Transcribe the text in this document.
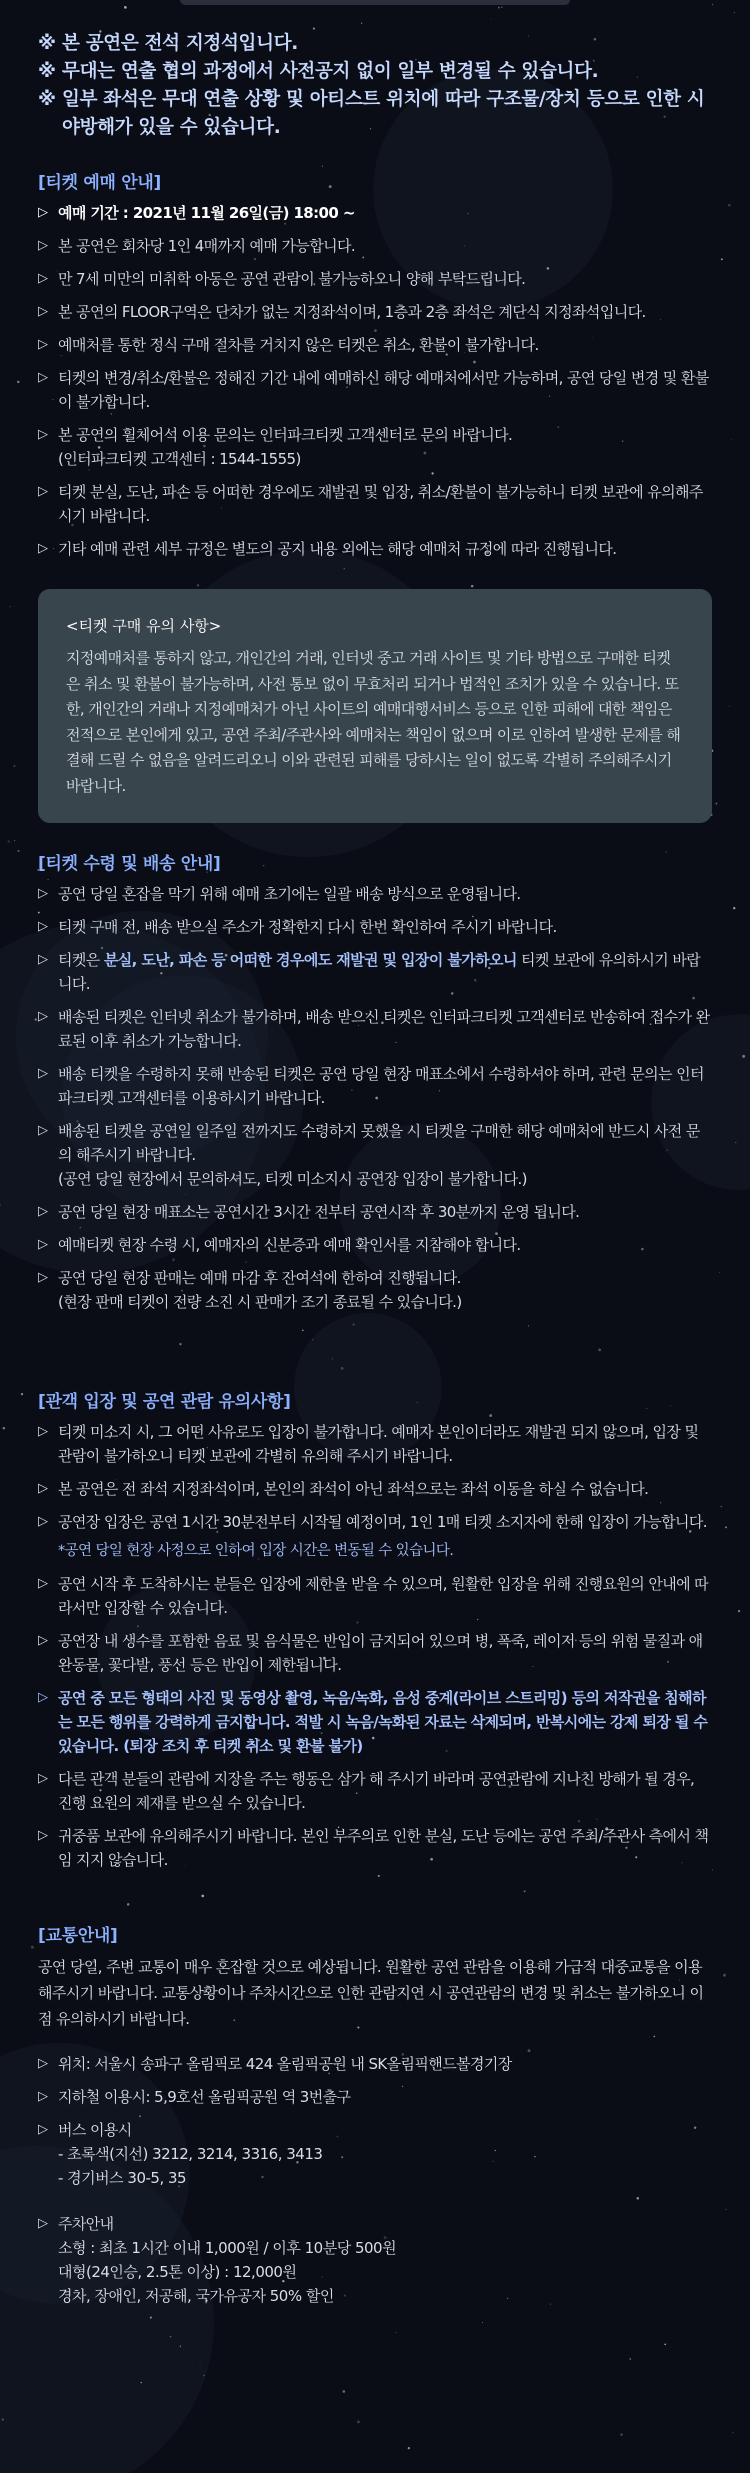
※ 본 공연은 전석 지정석입니다.
※ 무대는 연출 협의 과정에서 사전공지 없이 일부 변경될 수 있습니다.
※ 일부 좌석은 무대 연출 상황 및 아티스트 위치에 따라 구조물/장치 등으로 인한 시야방해가 있을 수 있습니다.
[티켓 예매 안내]
▷ 예매 기간 : 2021년 11월 26일(금) 18:00 ~
▷ 본 공연은 회차당 1인 4매까지 예매 가능합니다.
▷ 만 7세 미만의 미취학 아동은 공연 관람이 불가능하오니 양해 부탁드립니다.
▷ 본 공연의 FLOOR구역은 단차가 없는 지정좌석이며, 1층과 2층 좌석은 계단식 지정좌석입니다.
▷ 예매처를 통한 정식 구매 절차를 거치지 않은 티켓은 취소, 환불이 불가합니다.
▷ 티켓의 변경/취소/환불은 정해진 기간 내에 예매하신 해당 예매처에서만 가능하며, 공연 당일 변경 및 환불이 불가합니다.
▷ 본 공연의 휠체어석 이용 문의는 인터파크티켓 고객센터로 문의 바랍니다.
(인터파크티켓 고객센터 : 1544-1555)
▷ 티켓 분실, 도난, 파손 등 어떠한 경우에도 재발권 및 입장, 취소/환불이 불가능하니 티켓 보관에 유의해주시기 바랍니다.
▷ 기타 예매 관련 세부 규정은 별도의 공지 내용 외에는 해당 예매처 규정에 따라 진행됩니다.
<티켓 구매 유의 사항>
지정예매처를 통하지 않고, 개인간의 거래, 인터넷 중고 거래 사이트 및 기타 방법으로 구매한 티켓은 취소 및 환불이 불가능하며, 사전 통보 없이 무효처리 되거나 법적인 조치가 있을 수 있습니다. 또한, 개인간의 거래나 지정예매처가 아닌 사이트의 예매대행서비스 등으로 인한 피해에 대한 책임은 전적으로 본인에게 있고, 공연 주최/주관사와 예매처는 책임이 없으며 이로 인하여 발생한 문제를 해결해 드릴 수 없음을 알려드리오니 이와 관련된 피해를 당하시는 일이 없도록 각별히 주의해주시기 바랍니다.
[티켓 수령 및 배송 안내]
▷ 공연 당일 혼잡을 막기 위해 예매 초기에는 일괄 배송 방식으로 운영됩니다.
▷ 티켓 구매 전, 배송 받으실 주소가 정확한지 다시 한번 확인하여 주시기 바랍니다.
▷ 티켓은 분실, 도난, 파손 등 어떠한 경우에도 재발권 및 입장이 불가하오니 티켓 보관에 유의하시기 바랍니다.
▷ 배송된 티켓은 인터넷 취소가 불가하며, 배송 받으신 티켓은 인터파크티켓 고객센터로 반송하여 접수가 완료된 이후 취소가 가능합니다.
▷ 배송 티켓을 수령하지 못해 반송된 티켓은 공연 당일 현장 매표소에서 수령하셔야 하며, 관련 문의는 인터파크티켓 고객센터를 이용하시기 바랍니다.
▷ 배송된 티켓을 공연일 일주일 전까지도 수령하지 못했을 시 티켓을 구매한 해당 예매처에 반드시 사전 문의 해주시기 바랍니다.
(공연 당일 현장에서 문의하셔도, 티켓 미소지시 공연장 입장이 불가합니다.)
▷ 공연 당일 현장 매표소는 공연시간 3시간 전부터 공연시작 후 30분까지 운영 됩니다.
▷ 예매티켓 현장 수령 시, 예매자의 신분증과 예매 확인서를 지참해야 합니다.
▷ 공연 당일 현장 판매는 예매 마감 후 잔여석에 한하여 진행됩니다.
(현장 판매 티켓이 전량 소진 시 판매가 조기 종료될 수 있습니다.)
[관객 입장 및 공연 관람 유의사항]
▷ 티켓 미소지 시, 그 어떤 사유로도 입장이 불가합니다. 예매자 본인이더라도 재발권 되지 않으며, 입장 및 관람이 불가하오니 티켓 보관에 각별히 유의해 주시기 바랍니다.
▷ 본 공연은 전 좌석 지정좌석이며, 본인의 좌석이 아닌 좌석으로는 좌석 이동을 하실 수 없습니다.
▷ 공연장 입장은 공연 1시간 30분전부터 시작될 예정이며, 1인 1매 티켓 소지자에 한해 입장이 가능합니다.
*공연 당일 현장 사정으로 인하여 입장 시간은 변동될 수 있습니다.
▷ 공연 시작 후 도착하시는 분들은 입장에 제한을 받을 수 있으며, 원활한 입장을 위해 진행요원의 안내에 따라서만 입장할 수 있습니다.
▷ 공연장 내 생수를 포함한 음료 및 음식물은 반입이 금지되어 있으며 병, 폭죽, 레이저 등의 위험 물질과 애완동물, 꽃다발, 풍선 등은 반입이 제한됩니다.
▷ 공연 중 모든 형태의 사진 및 동영상 촬영, 녹음/녹화, 음성 중계(라이브 스트리밍) 등의 저작권을 침해하는 모든 행위를 강력하게 금지합니다. 적발 시 녹음/녹화된 자료는 삭제되며, 반복시에는 강제 퇴장 될 수 있습니다. (퇴장 조치 후 티켓 취소 및 환불 불가)
▷ 다른 관객 분들의 관람에 지장을 주는 행동은 삼가 해 주시기 바라며 공연관람에 지나친 방해가 될 경우, 진행 요원의 제재를 받으실 수 있습니다.
▷ 귀중품 보관에 유의해주시기 바랍니다. 본인 부주의로 인한 분실, 도난 등에는 공연 주최/주관사 측에서 책임 지지 않습니다.
[교통안내]
공연 당일, 주변 교통이 매우 혼잡할 것으로 예상됩니다. 원활한 공연 관람을 이용해 가급적 대중교통을 이용해주시기 바랍니다. 교통상황이나 주차시간으로 인한 관람지연 시 공연관람의 변경 및 취소는 불가하오니 이 점 유의하시기 바랍니다.
▷ 위치: 서울시 송파구 올림픽로 424 올림픽공원 내 SK올림픽핸드볼경기장
▷ 지하철 이용시: 5,9호선 올림픽공원 역 3번출구
▷ 버스 이용시
- 초록색(지선) 3212, 3214, 3316, 3413
- 경기버스 30-5, 35
▷ 주차안내
소형 : 최초 1시간 이내 1,000원 / 이후 10분당 500원
대형(24인승, 2.5톤 이상) : 12,000원
경차, 장애인, 저공해, 국가유공자 50% 할인
